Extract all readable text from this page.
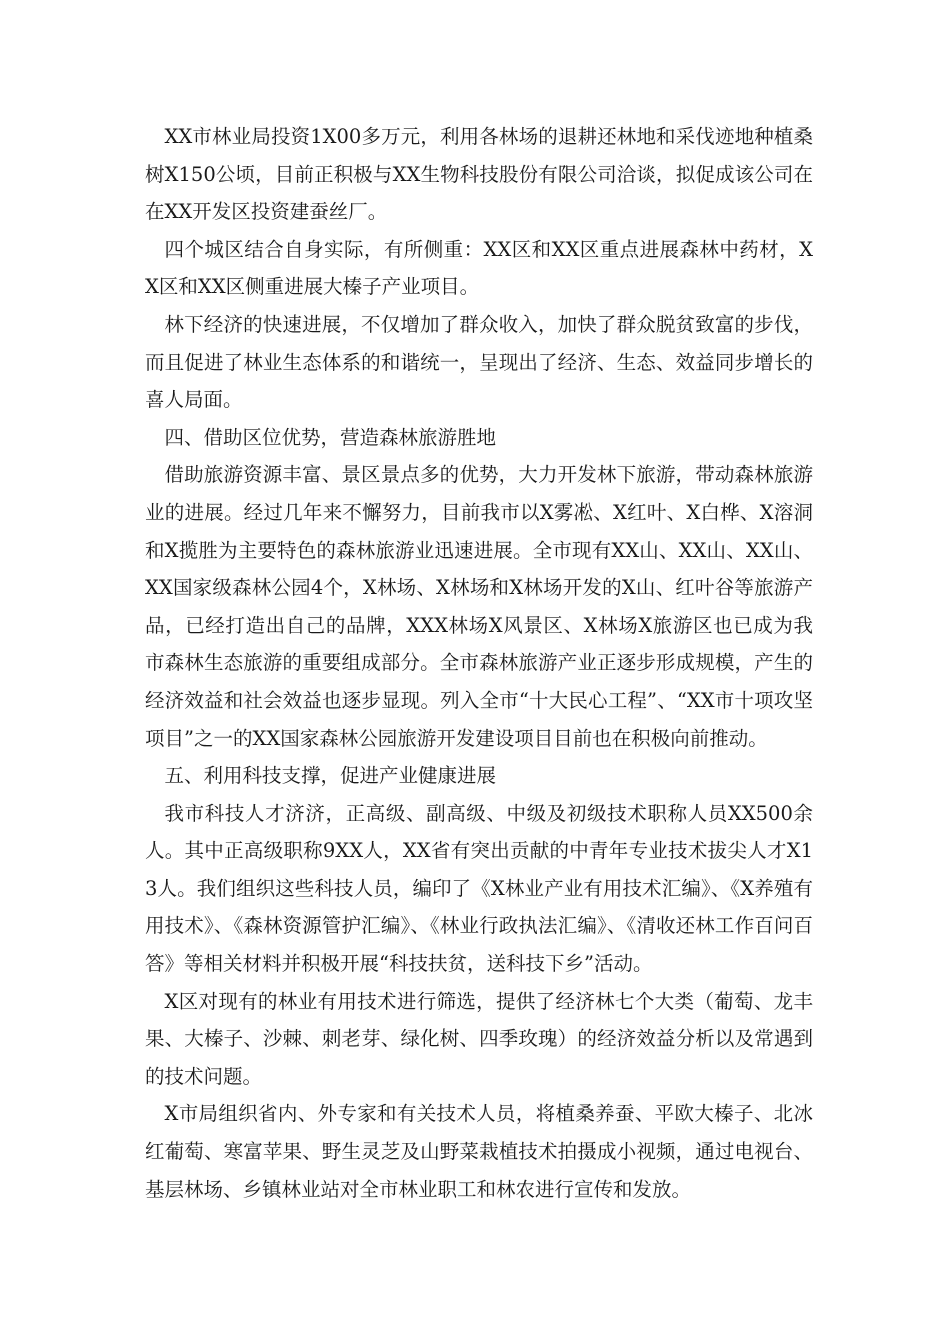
XX市林业局投资1X00多万元，利用各林场的退耕还林地和采伐迹地种植桑树X150公顷，目前正积极与XX生物科技股份有限公司洽谈，拟促成该公司在在XX开发区投资建蚕丝厂。

四个城区结合自身实际，有所侧重：XX区和XX区重点进展森林中药材，XX区和XX区侧重进展大榛子产业项目。

林下经济的快速进展，不仅增加了群众收入，加快了群众脱贫致富的步伐，而且促进了林业生态体系的和谐统一，呈现出了经济、生态、效益同步增长的喜人局面。

四、借助区位优势，营造森林旅游胜地

借助旅游资源丰富、景区景点多的优势，大力开发林下旅游，带动森林旅游业的进展。经过几年来不懈努力，目前我市以X雾凇、X红叶、X白桦、X溶洞和X揽胜为主要特色的森林旅游业迅速进展。全市现有XX山、XX山、XX山、XX国家级森林公园4个，X林场、X林场和X林场开发的X山、红叶谷等旅游产品，已经打造出自己的品牌，XXX林场X风景区、X林场X旅游区也已成为我市森林生态旅游的重要组成部分。全市森林旅游产业正逐步形成规模，产生的经济效益和社会效益也逐步显现。列入全市“十大民心工程”、“XX市十项攻坚项目”之一的XX国家森林公园旅游开发建设项目目前也在积极向前推动。

五、利用科技支撑，促进产业健康进展

我市科技人才济济，正高级、副高级、中级及初级技术职称人员XX500余人。其中正高级职称9XX人，XX省有突出贡献的中青年专业技术拔尖人才X13人。我们组织这些科技人员，编印了《X林业产业有用技术汇编》、《X养殖有用技术》、《森林资源管护汇编》、《林业行政执法汇编》、《清收还林工作百问百答》等相关材料并积极开展“科技扶贫，送科技下乡”活动。

X区对现有的林业有用技术进行筛选，提供了经济林七个大类（葡萄、龙丰果、大榛子、沙棘、刺老芽、绿化树、四季玫瑰）的经济效益分析以及常遇到的技术问题。

X市局组织省内、外专家和有关技术人员，将植桑养蚕、平欧大榛子、北冰红葡萄、寒富苹果、野生灵芝及山野菜栽植技术拍摄成小视频，通过电视台、基层林场、乡镇林业站对全市林业职工和林农进行宣传和发放。
